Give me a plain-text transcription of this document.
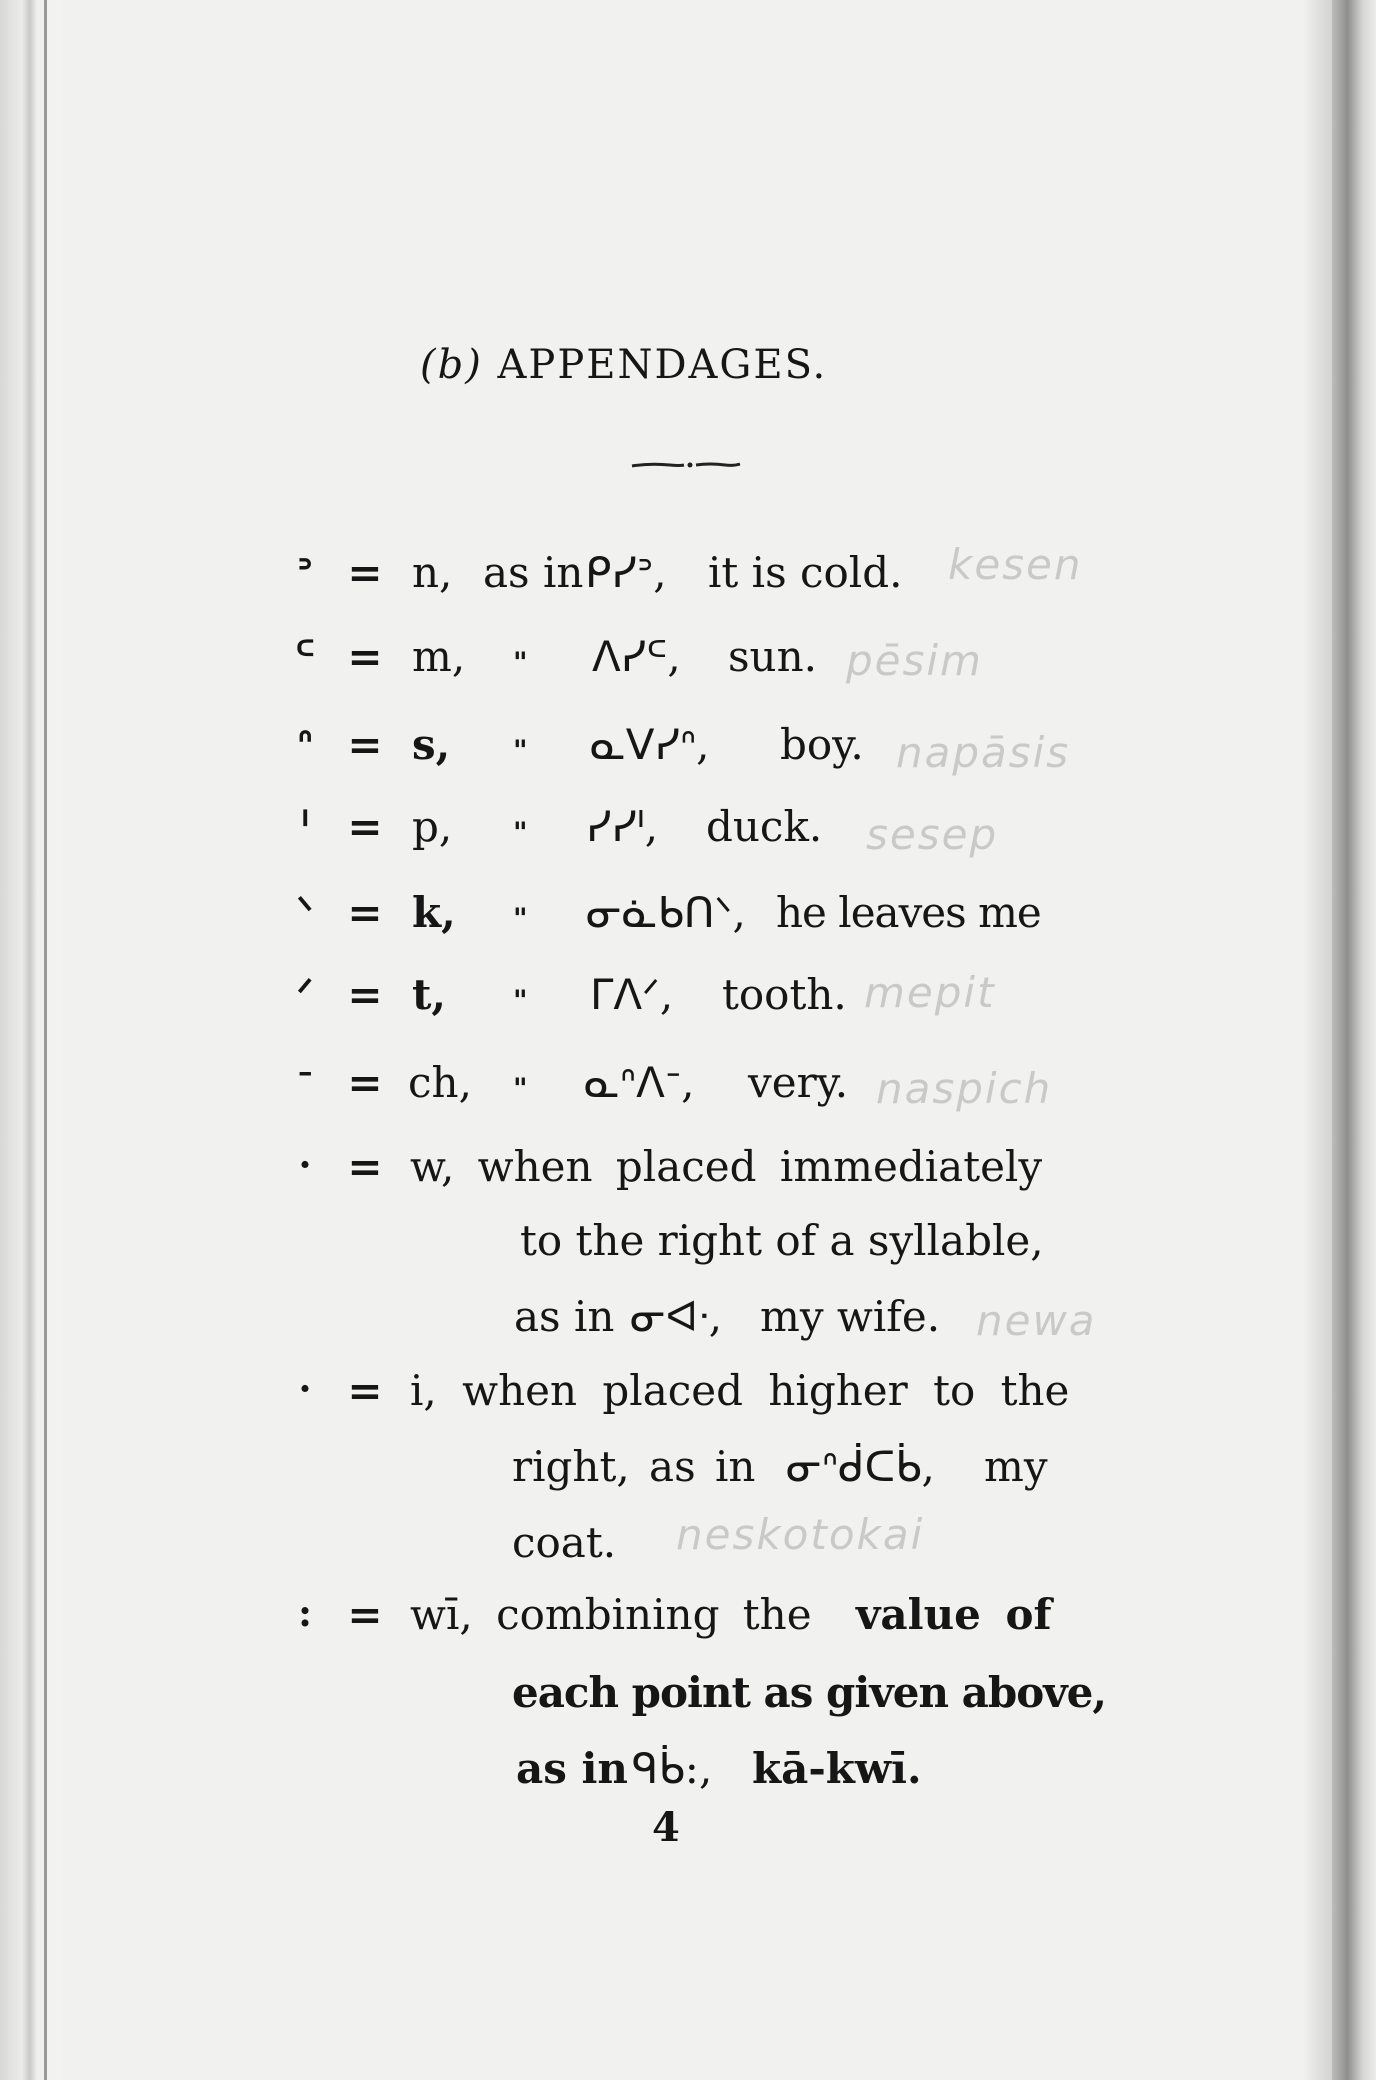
(b) APPENDAGES.
ᐣ = n, as in ᑭᓯᐣ, it is cold. kesen
ᒼ = m, " ᐱᓯᒼ, sun. pēsim
ᐢ = s, " ᓇᐯᓯᐢ, boy. napāsis
ᑊ = p, " ᓯᓯᑊ, duck. sesep
ᐠ = k, " ᓂᓈᑲᑎᐠ, he leaves me
ᐟ = t, " ᒥᐱᐟ, tooth. mepit
ᐨ = ch, " ᓇᐢᐱᐨ, very. naspich
· = w, when placed immediately
to the right of a syllable,
as in ᓂᐊᐧ, my wife. newa
· = i, when placed higher to the
right, as in ᓂᐢᑰᑕᑳ, my
coat. neskotokai
: = wī, combining the value of
each point as given above,
as in ᑫᑳ:, kā-kwī.
4
